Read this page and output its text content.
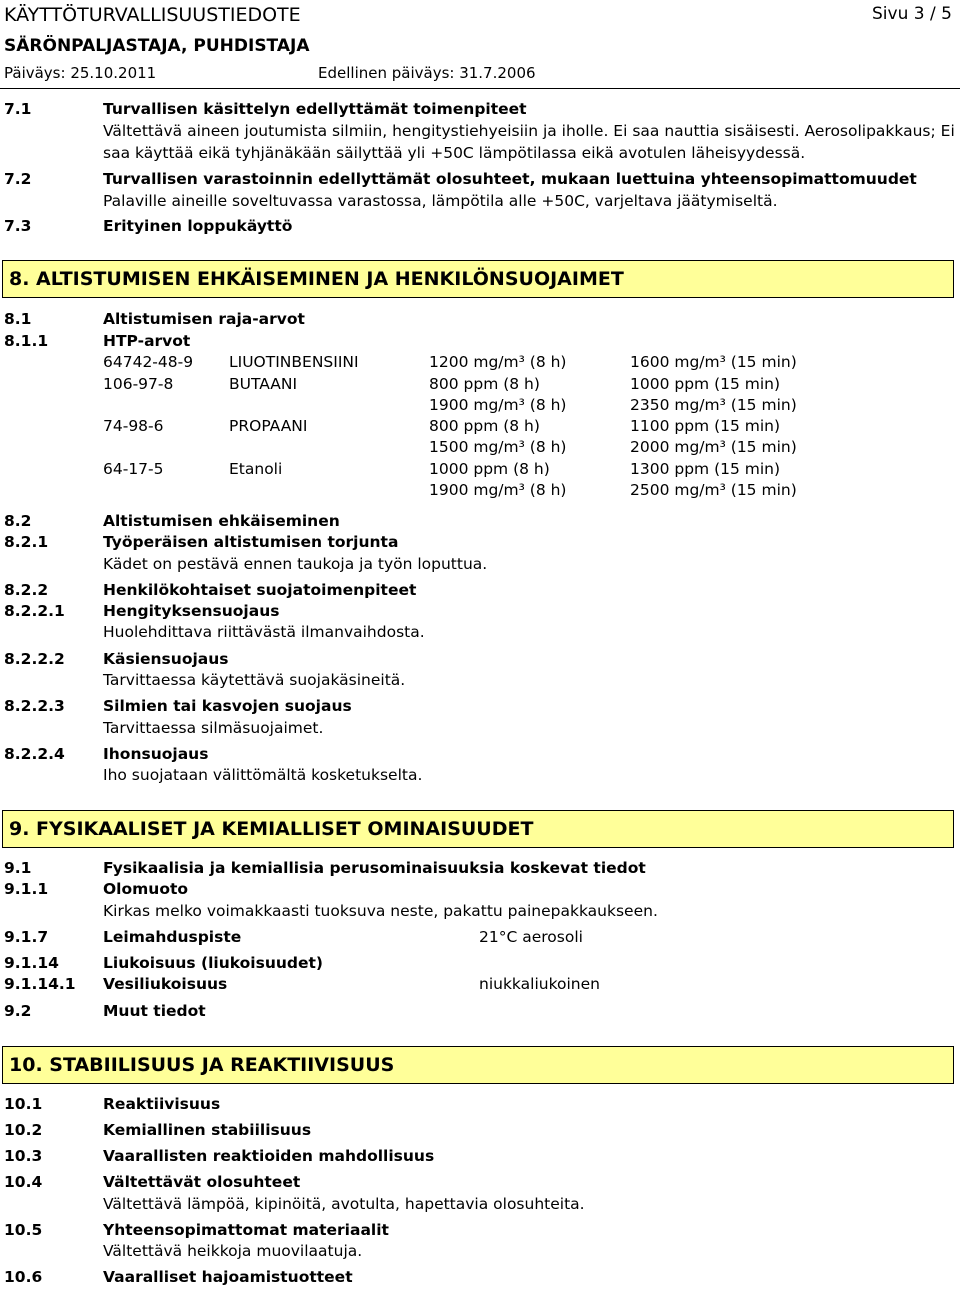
KÄYTTÖTURVALLISUUSTIEDOTE	Sivu 3 / 5
SÄRÖNPALJASTAJA, PUHDISTAJA
Päiväys: 25.10.2011	Edellinen päiväys: 31.7.2006
7.1	Turvallisen käsittelyn edellyttämät toimenpiteet
Vältettävä aineen joutumista silmiin, hengitystiehyeisiin ja iholle. Ei saa nauttia sisäisesti. Aerosolipakkaus; Ei
saa käyttää eikä tyhjänäkään säilyttää yli +50C lämpötilassa eikä avotulen läheisyydessä.
7.2	Turvallisen varastoinnin edellyttämät olosuhteet, mukaan luettuina yhteensopimattomuudet
Palaville aineille soveltuvassa varastossa, lämpötila alle +50C, varjeltava jäätymiseltä.
7.3	Erityinen loppukäyttö
8. ALTISTUMISEN EHKÄISEMINEN JA HENKILÖNSUOJAIMET
8.1	Altistumisen raja-arvot
8.1.1	HTP-arvot
64742-48-9 LIUOTINBENSIINI	1200 mg/m³ (8 h)	1600 mg/m³ (15 min)
106-97-8	BUTAANI	800 ppm (8 h)	1000 ppm (15 min)
1900 mg/m³ (8 h)	2350 mg/m³ (15 min)
74-98-6	PROPAANI	800 ppm (8 h)	1100 ppm (15 min)
1500 mg/m³ (8 h)	2000 mg/m³ (15 min)
64-17-5	Etanoli	1000 ppm (8 h)	1300 ppm (15 min)
1900 mg/m³ (8 h)	2500 mg/m³ (15 min)
8.2	Altistumisen ehkäiseminen
8.2.1	Työperäisen altistumisen torjunta
Kädet on pestävä ennen taukoja ja työn loputtua.
8.2.2	Henkilökohtaiset suojatoimenpiteet
8.2.2.1 Hengityksensuojaus
Huolehdittava riittävästä ilmanvaihdosta.
8.2.2.2 Käsiensuojaus
Tarvittaessa käytettävä suojakäsineitä.
8.2.2.3 Silmien tai kasvojen suojaus
Tarvittaessa silmäsuojaimet.
8.2.2.4 Ihonsuojaus
Iho suojataan välittömältä kosketukselta.
9. FYSIKAALISET JA KEMIALLISET OMINAISUUDET
9.1	Fysikaalisia ja kemiallisia perusominaisuuksia koskevat tiedot
9.1.1	Olomuoto
Kirkas melko voimakkaasti tuoksuva neste, pakattu painepakkaukseen.
9.1.7	Leimahduspiste	21°C aerosoli
9.1.14	Liukoisuus (liukoisuudet)
9.1.14.1 Vesiliukoisuus	niukkaliukoinen
9.2	Muut tiedot
10. STABIILISUUS JA REAKTIIVISUUS
10.1	Reaktiivisuus
10.2	Kemiallinen stabiilisuus
10.3	Vaarallisten reaktioiden mahdollisuus
10.4	Vältettävät olosuhteet
Vältettävä lämpöä, kipinöitä, avotulta, hapettavia olosuhteita.
10.5	Yhteensopimattomat materiaalit
Vältettävä heikkoja muovilaatuja.
10.6	Vaaralliset hajoamistuotteet
